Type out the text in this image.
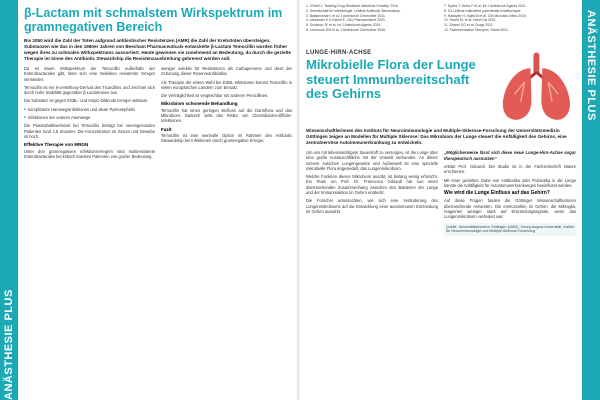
ANÄSTHESIE PLUS
β-Lactam mit schmalstem Wirkspektrum im
gramnegativen Bereich

Bis 2050 wird die Zahl der Toten aufgrund antibiotischer Resistenzen (AMR) die Zahl der Krebstoten übersteigen. Substanzen wie das in den 1980er Jahren von Beecham Pharmaceuticals entwickelte β-Lactam Temocillin wurden früher wegen ihres zu schmalen Wirkspektrums aussortiert. Heute gewinnen sie zunehmend an Bedeutung, da durch die gezielte Therapie im Sinne des Antibiotic Stewardship die Resistenzausbreitung gebremst werden soll.

Da es kaum Wirkspektrum der Temocillin außerhalb der Enterobacterales gibt, lässt sich eine Selektion resistenter Erreger vermeiden.

Temocillin ist ein 6-α-Methoxy-Derivat des Ticarcillins und zeichnet sich durch hohe Stabilität gegenüber β-Lactamasen aus.

Die Substanz ist gegen ESBL- und AmpC-bildende Erreger wirksam.

■ komplizierte Harnwegsinfektionen und akute Pyelonephritis

■ Infektionen der unteren Atemwege

Die Plasmahalbwertszeit bei Temocillin beträgt bei nierengesunden Patienten rund 4,5 Stunden. Die Konzentration im Serum und Gewebe ist hoch.

Effektive Therapie von MRGN

Unter den gramnegativen Infektionserregern sind multiresistente Enterobacterales bei kritisch kranken Patienten von großer Bedeutung.

weniger selektiv für Resistenzen als Carbapeneme und dient der Schonung dieser Reserveantibiotika.

Als Therapie der ersten Wahl bei ESBL-Infektionen kommt Temocillin in vielen europäischen Ländern zum Einsatz.

Die Verträglichkeit ist vergleichbar mit anderen Penicillinen.

Mikrobiom schonende Behandlung

Temocillin hat einen geringen Einfluss auf die Darmflora und das Mikrobiom. Dadurch sinkt das Risiko von Clostridioides-difficile-Infektionen.

Fazit

Temocillin ist eine wertvolle Option im Rahmen des Antibiotic Stewardship bei Infektionen durch gramnegative Erreger.

ANÄSTHESIE PLUS

1. O'Neill J. Tackling Drug-Resistant Infections Globally. 2016.

2. Gesellschaft für Infektiologie. Leitlinie Antibiotic Stewardship.

3. Balakrishnan I et al. J Antimicrob Chemother 2011.

4. Alexander K & Kaniel E. Clin Pharmacokinet 2020.

5. Soubirou JF et al. Int J Antimicrob Agents 2015.

6. Livermore DM et al. J Antimicrob Chemother 2006.

7. Dykes T. Heinz F et al. Int J Antimicrob Agents 2021.

8. S3-Leitlinie Kalkulierte parenterale Initialtherapie.

9. Habayeb H, Sajed B et al. Clin Microbiol Infect 2015.

10. Heard KL et al. Infect Dis 2021.

11. Zhanel GG et al. Drugs 2021.

12. Fachinformation Temopen. Stand 2022.

LUNGE-HIRN-ACHSE
Mikrobielle Flora der Lunge
steuert Immunbereitschaft
des Gehirns

Wissenschaftlerinnen des Instituts für Neuroimmunologie und Multiple-Sklerose-Forschung der Universitätsmedizin Göttingen zeigen an Modellen für Multiple Sklerose: Das Mikrobiom der Lunge steuert die Anfälligkeit des Gehirns, eine zentralnervöse Autoimmunerkrankung zu entwickeln.

Um uns mit lebenswichtigem Sauerstoff zu versorgen, ist die Lunge über eine große Austauschfläche mit der Umwelt verbunden. An dieser Grenze zwischen Lungengewebe und Außenwelt ist eine spezielle mikrobielle Flora angesiedelt, das Lungenmikrobiom.

Welche Funktion dieses Mikrobiom ausübt, ist bislang wenig erforscht. Ein Team um Prof. Dr. Francesca Odoardi hat nun einen überraschenden Zusammenhang zwischen den Bakterien der Lunge und der Immunreaktion im Gehirn entdeckt.

Die Forscher untersuchten, wie sich eine Veränderung des Lungenmikrobioms auf die Entwicklung einer autoimmunen Entzündung im Gehirn auswirkt.

„Möglicherweise lässt sich diese neue Lunge-Hirn-Achse sogar therapeutisch ausnutzen“

erklärt Prof. Odoardi. Die Studie ist in der Fachzeitschrift Nature erschienen.

Mit einer gezielten Gabe von Antibiotika oder Probiotika in die Lunge könnte die Anfälligkeit für Autoimmunerkrankungen beeinflusst werden.

Wie wird die Lunge Einfluss auf das Gehirn?

Auf diese Fragen fanden die Göttinger Wissenschaftlerinnen überraschende Antworten. Die Immunzellen im Gehirn, die Mikroglia, reagierten weniger stark auf Entzündungssignale, wenn das Lungenmikrobiom verändert war.

Quelle: Universitätsmedizin Göttingen (UMG), Georg-August-Universität, Institut für Neuroimmunologie und Multiple-Sklerose-Forschung
